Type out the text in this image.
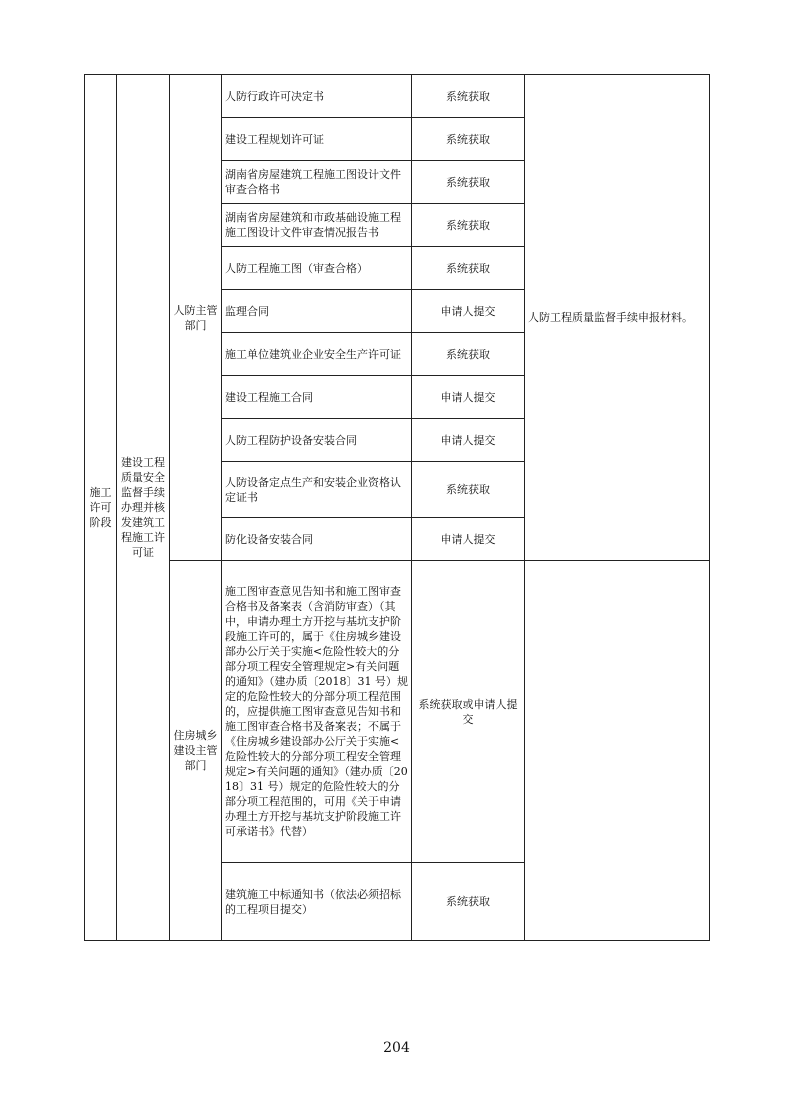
施工许可阶段	建设工程质量安全监督手续办理并核发建筑工程施工许可证	人防主管部门	人防行政许可决定书	系统获取	人防工程质量监督手续申报材料。
			建设工程规划许可证	系统获取	
			湖南省房屋建筑工程施工图设计文件审查合格书	系统获取	
			湖南省房屋建筑和市政基础设施工程施工图设计文件审查情况报告书	系统获取	
			人防工程施工图（审查合格）	系统获取	
			监理合同	申请人提交	
			施工单位建筑业企业安全生产许可证	系统获取	
			建设工程施工合同	申请人提交	
			人防工程防护设备安装合同	申请人提交	
			人防设备定点生产和安装企业资格认定证书	系统获取	
			防化设备安装合同	申请人提交	
		住房城乡建设主管部门	施工图审查意见告知书和施工图审查合格书及备案表（含消防审查）（其中，申请办理土方开挖与基坑支护阶段施工许可的，属于《住房城乡建设部办公厅关于实施<危险性较大的分部分项工程安全管理规定>有关问题的通知》（建办质〔2018〕31 号）规定的危险性较大的分部分项工程范围的，应提供施工图审查意见告知书和施工图审查合格书及备案表；不属于《住房城乡建设部办公厅关于实施<危险性较大的分部分项工程安全管理规定>有关问题的通知》（建办质〔2018〕31 号）规定的危险性较大的分部分项工程范围的，可用《关于申请办理土方开挖与基坑支护阶段施工许可承诺书》代替）	系统获取或申请人提交	
			建筑施工中标通知书（依法必须招标的工程项目提交）	系统获取	
204
